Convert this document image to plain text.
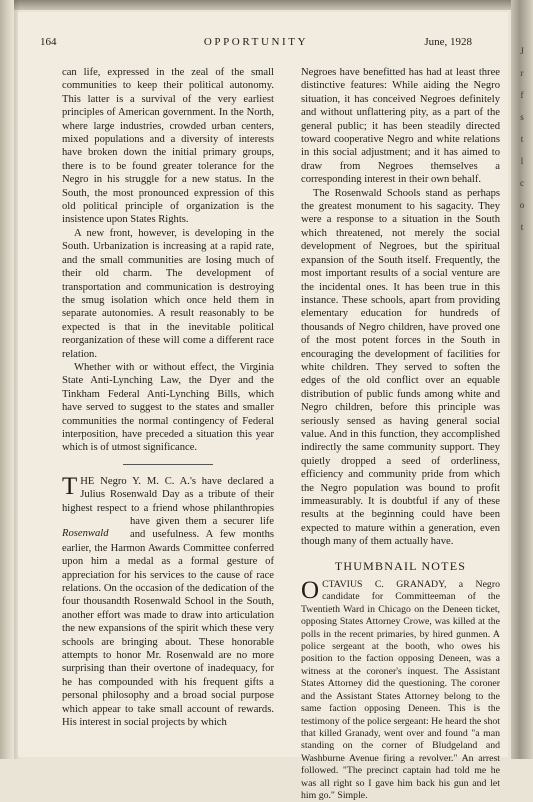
J
r
f
s
t
l
c
o
t
164	OPPORTUNITY	June, 1928

can life, expressed in the zeal of the small communities to keep their political autonomy. This latter is a survival of the very earliest principles of American government. In the North, where large industries, crowded urban centers, mixed populations and a diversity of interests have broken down the initial primary groups, there is to be found greater tolerance for the Negro in his struggle for a new status. In the South, the most pronounced expression of this old political principle of organization is the insistence upon States Rights.

A new front, however, is developing in the South. Urbanization is increasing at a rapid rate, and the small communities are losing much of their old charm. The development of transportation and communication is destroying the smug isolation which once held them in separate autonomies. A result reasonably to be expected is that in the inevitable political reorganization of these will come a different race relation.

Whether with or without effect, the Virginia State Anti-Lynching Law, the Dyer and the Tinkham Federal Anti-Lynching Bills, which have served to suggest to the states and smaller communities the normal contingency of Federal interposition, have preceded a situation this year which is of utmost significance.

T HE Negro Y. M. C. A.'s have declared a Julius Rosenwald Day as a tribute of their highest respect to a friend whose philanthropies have given
Rosenwald
them a securer life and usefulness. A few months earlier, the Harmon Awards Committee conferred upon him a medal as a formal gesture of appreciation for his services to the cause of race relations. On the occasion of the dedication of the four thousandth Rosenwald School in the South, another effort was made to draw into articulation the new expansions of the spirit which these very schools are bringing about. These honorable attempts to honor Mr. Rosenwald are no more surprising than their overtone of inadequacy, for he has compounded with his frequent gifts a personal philosophy and a broad social purpose which appear to take small account of rewards. His interest in social projects by which

Negroes have benefitted has had at least three distinctive features: While aiding the Negro situation, it has conceived Negroes definitely and without unflattering pity, as a part of the general public; it has been steadily directed toward cooperative Negro and white relations in this social adjustment; and it has aimed to draw from Negroes themselves a corresponding interest in their own behalf.

The Rosenwald Schools stand as perhaps the greatest monument to his sagacity. They were a response to a situation in the South which threatened, not merely the social development of Negroes, but the spiritual expansion of the South itself. Frequently, the most important results of a social venture are the incidental ones. It has been true in this instance. These schools, apart from providing elementary education for hundreds of thousands of Negro children, have proved one of the most potent forces in the South in encouraging the development of facilities for white children. They served to soften the edges of the old conflict over an equable distribution of public funds among white and Negro children, before this principle was seriously sensed as having general social value. And in this function, they accomplished indirectly the same community support. They quietly dropped a seed of orderliness, efficiency and community pride from which the Negro population was bound to profit immeasurably. It is doubtful if any of these results at the beginning could have been expected to mature within a generation, even though many of them actually have.

THUMBNAIL NOTES
O CTAVIUS C. GRANADY, a Negro candidate for Committeeman of the Twentieth Ward in Chicago on the Deneen ticket, opposing States Attorney Crowe, was killed at the polls in the recent primaries, by hired gunmen. A police sergeant at the booth, who owes his position to the faction opposing Deneen, was a witness at the coroner's inquest. The Assistant States Attorney did the questioning. The coroner and the Assistant States Attorney belong to the same faction opposing Deneen. This is the testimony of the police sergeant: He heard the shot that killed Granady, went over and found "a man standing on the corner of Bludgeland and Washburne Avenue firing a revolver." An arrest followed. "The precinct captain had told me he was all right so I gave him back his gun and let him go." Simple.
